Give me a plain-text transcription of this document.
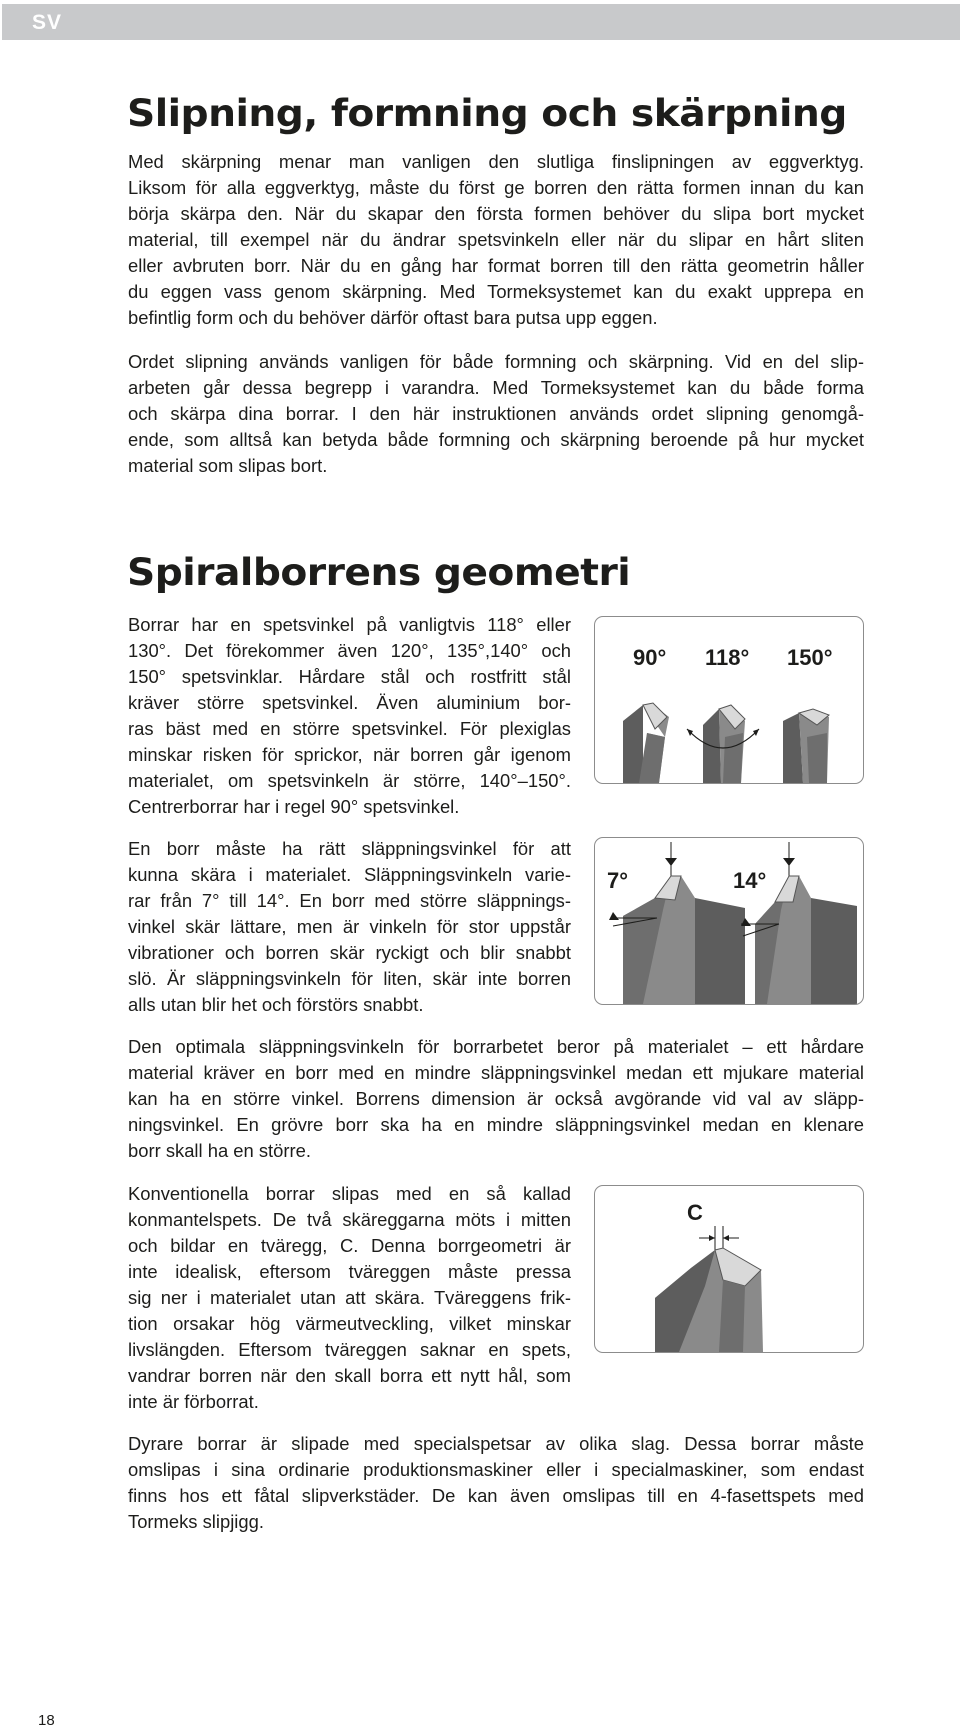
SV
Slipning, formning och skärpning
Med skärpning menar man vanligen den slutliga finslipningen av eggverktyg.
Liksom för alla eggverktyg, måste du först ge borren den rätta formen innan du kan
börja skärpa den. När du skapar den första formen behöver du slipa bort mycket
material, till exempel när du ändrar spetsvinkeln eller när du slipar en hårt sliten
eller avbruten borr. När du en gång har format borren till den rätta geometrin håller
du eggen vass genom skärpning. Med Tormeksystemet kan du exakt upprepa en
befintlig form och du behöver därför oftast bara putsa upp eggen.
Ordet slipning används vanligen för både formning och skärpning. Vid en del slip-
arbeten går dessa begrepp i varandra. Med Tormeksystemet kan du både forma
och skärpa dina borrar. I den här instruktionen används ordet slipning genomgå-
ende, som alltså kan betyda både formning och skärpning beroende på hur mycket
material som slipas bort.
Spiralborrens geometri
Borrar har en spetsvinkel på vanligtvis 118° eller
130°. Det förekommer även 120°, 135°,140° och
150° spetsvinklar. Hårdare stål och rostfritt stål
kräver större spetsvinkel. Även aluminium bor-
ras bäst med en större spetsvinkel. För plexiglas
minskar risken för sprickor, när borren går igenom
materialet, om spetsvinkeln är större, 140°–150°.
Centrerborrar har i regel 90° spetsvinkel.
En borr måste ha rätt släppningsvinkel för att
kunna skära i materialet. Släppningsvinkeln varie-
rar från 7° till 14°. En borr med större släppnings-
vinkel skär lättare, men är vinkeln för stor uppstår
vibrationer och borren skär ryckigt och blir snabbt
slö. Är släppningsvinkeln för liten, skär inte borren
alls utan blir het och förstörs snabbt.
Den optimala släppningsvinkeln för borrarbetet beror på materialet – ett hårdare
material kräver en borr med en mindre släppningsvinkel medan ett mjukare material
kan ha en större vinkel. Borrens dimension är också avgörande vid val av släpp-
ningsvinkel. En grövre borr ska ha en mindre släppningsvinkel medan en klenare
borr skall ha en större.
Konventionella borrar slipas med en så kallad
konmantelspets. De två skäreggarna möts i mitten
och bildar en tväregg, C. Denna borrgeometri är
inte idealisk, eftersom tväreggen måste pressa
sig ner i materialet utan att skära. Tväreggens frik-
tion orsakar hög värmeutveckling, vilket minskar
livslängden. Eftersom tväreggen saknar en spets,
vandrar borren när den skall borra ett nytt hål, som
inte är förborrat.
Dyrare borrar är slipade med specialspetsar av olika slag. Dessa borrar måste
omslipas i sina ordinarie produktionsmaskiner eller i specialmaskiner, som endast
finns hos ett fåtal slipverkstäder. De kan även omslipas till en 4-fasettspets med
Tormeks slipjigg.
90° 118° 150°
7°	14°
C
18
